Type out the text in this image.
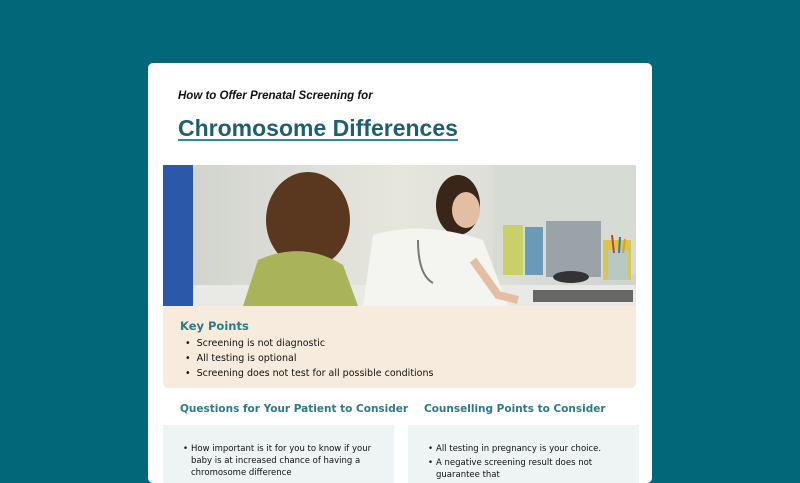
How to Offer Prenatal Screening for
Chromosome Differences
Key Points
• Screening is not diagnostic
• All testing is optional
• Screening does not test for all possible conditions
Questions for Your Patient to Consider Counselling Points to Consider
• How important is it for you to know if your baby is at increased chance of having a chromosome difference
• All testing in pregnancy is your choice.
• A negative screening result does not guarantee that
